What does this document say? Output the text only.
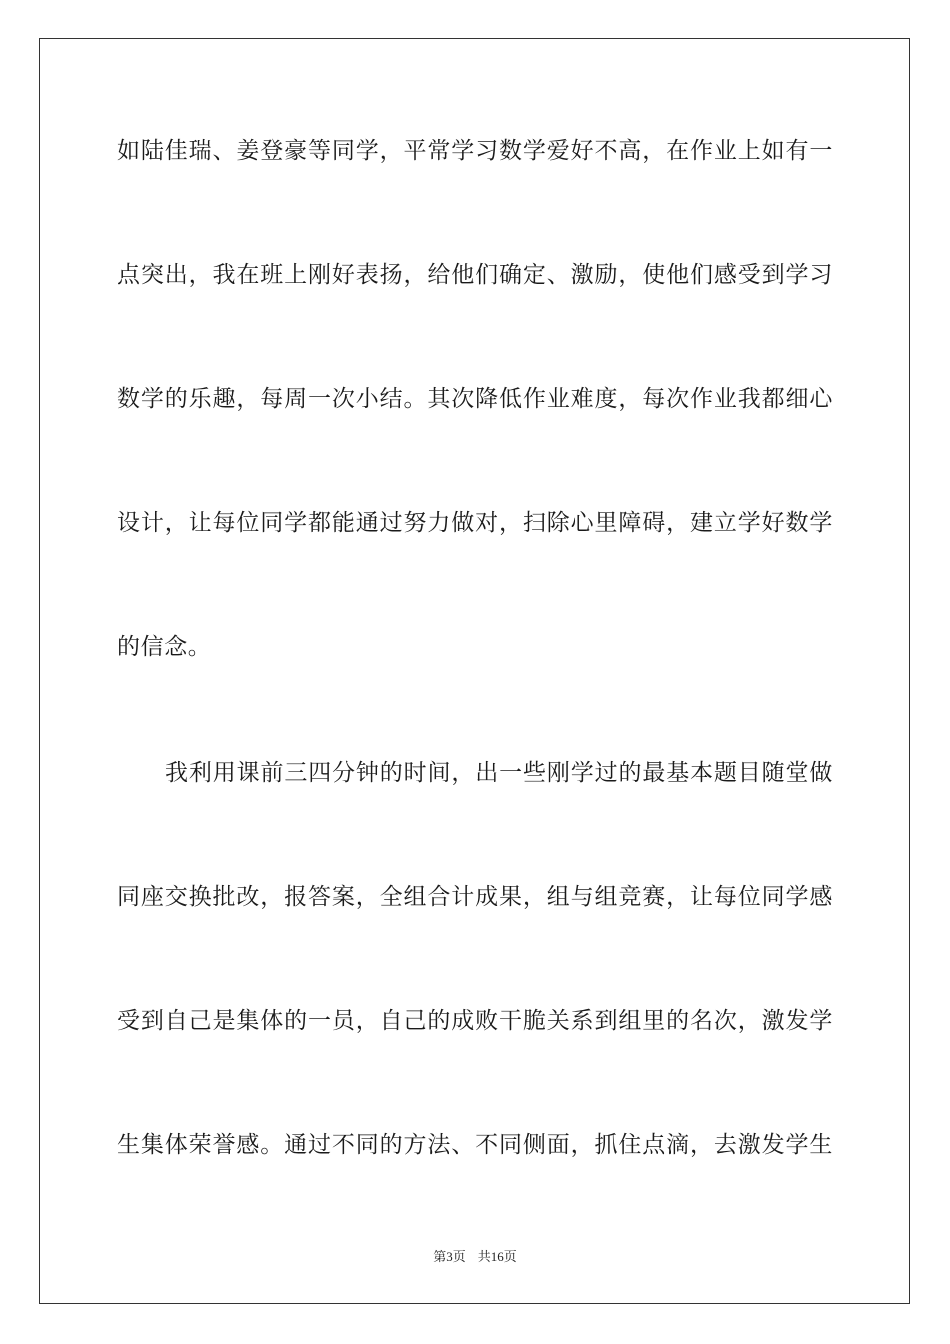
如陆佳瑞、姜登豪等同学，平常学习数学爱好不高，在作业上如有一
点突出，我在班上刚好表扬，给他们确定、激励，使他们感受到学习
数学的乐趣，每周一次小结。其次降低作业难度，每次作业我都细心
设计，让每位同学都能通过努力做对，扫除心里障碍，建立学好数学
的信念。
我利用课前三四分钟的时间，出一些刚学过的最基本题目随堂做
同座交换批改，报答案，全组合计成果，组与组竞赛，让每位同学感
受到自己是集体的一员，自己的成败干脆关系到组里的名次，激发学
生集体荣誉感。通过不同的方法、不同侧面，抓住点滴，去激发学生
第3页 共16页
